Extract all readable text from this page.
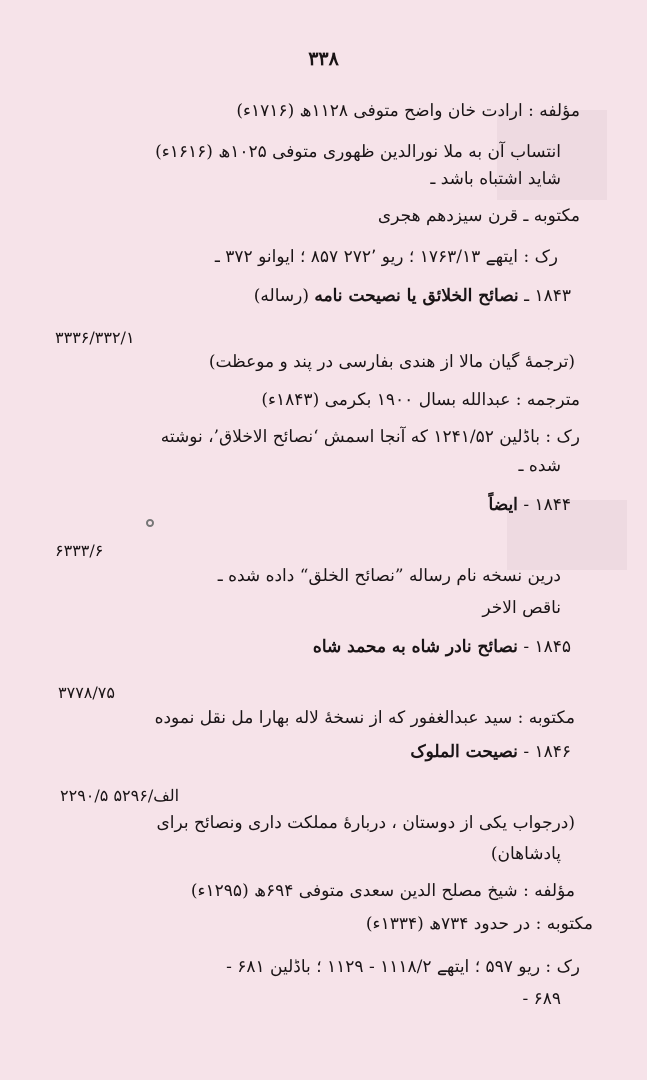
۳۳۸
مؤلفه : ارادت خان واضح متوفی ۱۱۲۸ھ (۱۷۱۶ء)
انتساب آن به ملا نورالدین ظهوری متوفی ۱۰۲۵ھ (۱۶۱۶ء)
شاید اشتباه باشد ـ
مکتوبه ـ قرن سیزدهم هجری
رک : ایتهے ۱۷۶۳/۱۳ ؛ ریو ۲۷۲٬ ۸۵۷ ؛ ایوانو ۳۷۲ ـ
۱۸۴۳ ـ نصائح الخلائق یا نصیحت نامه (رساله)
۳۳۳۶/۳۳۲/۱
(ترجمهٔ گیان مالا از هندی بفارسی در پند و موعظت)
مترجمه : عبدالله بسال ۱۹۰۰ بکرمی (۱۸۴۳ء)
رک : باڈلین ۱۲۴۱/۵۲ که آنجا اسمش ‘نصائح الاخلاق’، نوشته
شده ـ
۱۸۴۴ - ایضاً
۶۳۳۳/۶
درین نسخه نام رساله ”نصائح الخلق“ داده شده ـ
ناقص الاخر
۱۸۴۵ - نصائح نادر شاه به محمد شاه
۳۷۷۸/۷۵
مکتوبه : سید عبدالغفور که از نسخهٔ لاله بهارا مل نقل نموده
۱۸۴۶ - نصیحت الملوک
۲۲۹۰/۵ الف/۵۲۹۶
(درجواب یکی از دوستان ، دربارهٔ مملکت داری ونصائح برای
پادشاهان)
مؤلفه : شیخ مصلح الدین سعدی متوفی ۶۹۴ھ (۱۲۹۵ء)
مکتوبه : در حدود ۷۳۴ھ (۱۳۳۴ء)
رک : ریو ۵۹۷ ؛ ایتهے ۱۱۱۸/۲ - ۱۱۲۹ ؛ باڈلین ۶۸۱ -
۶۸۹ -
